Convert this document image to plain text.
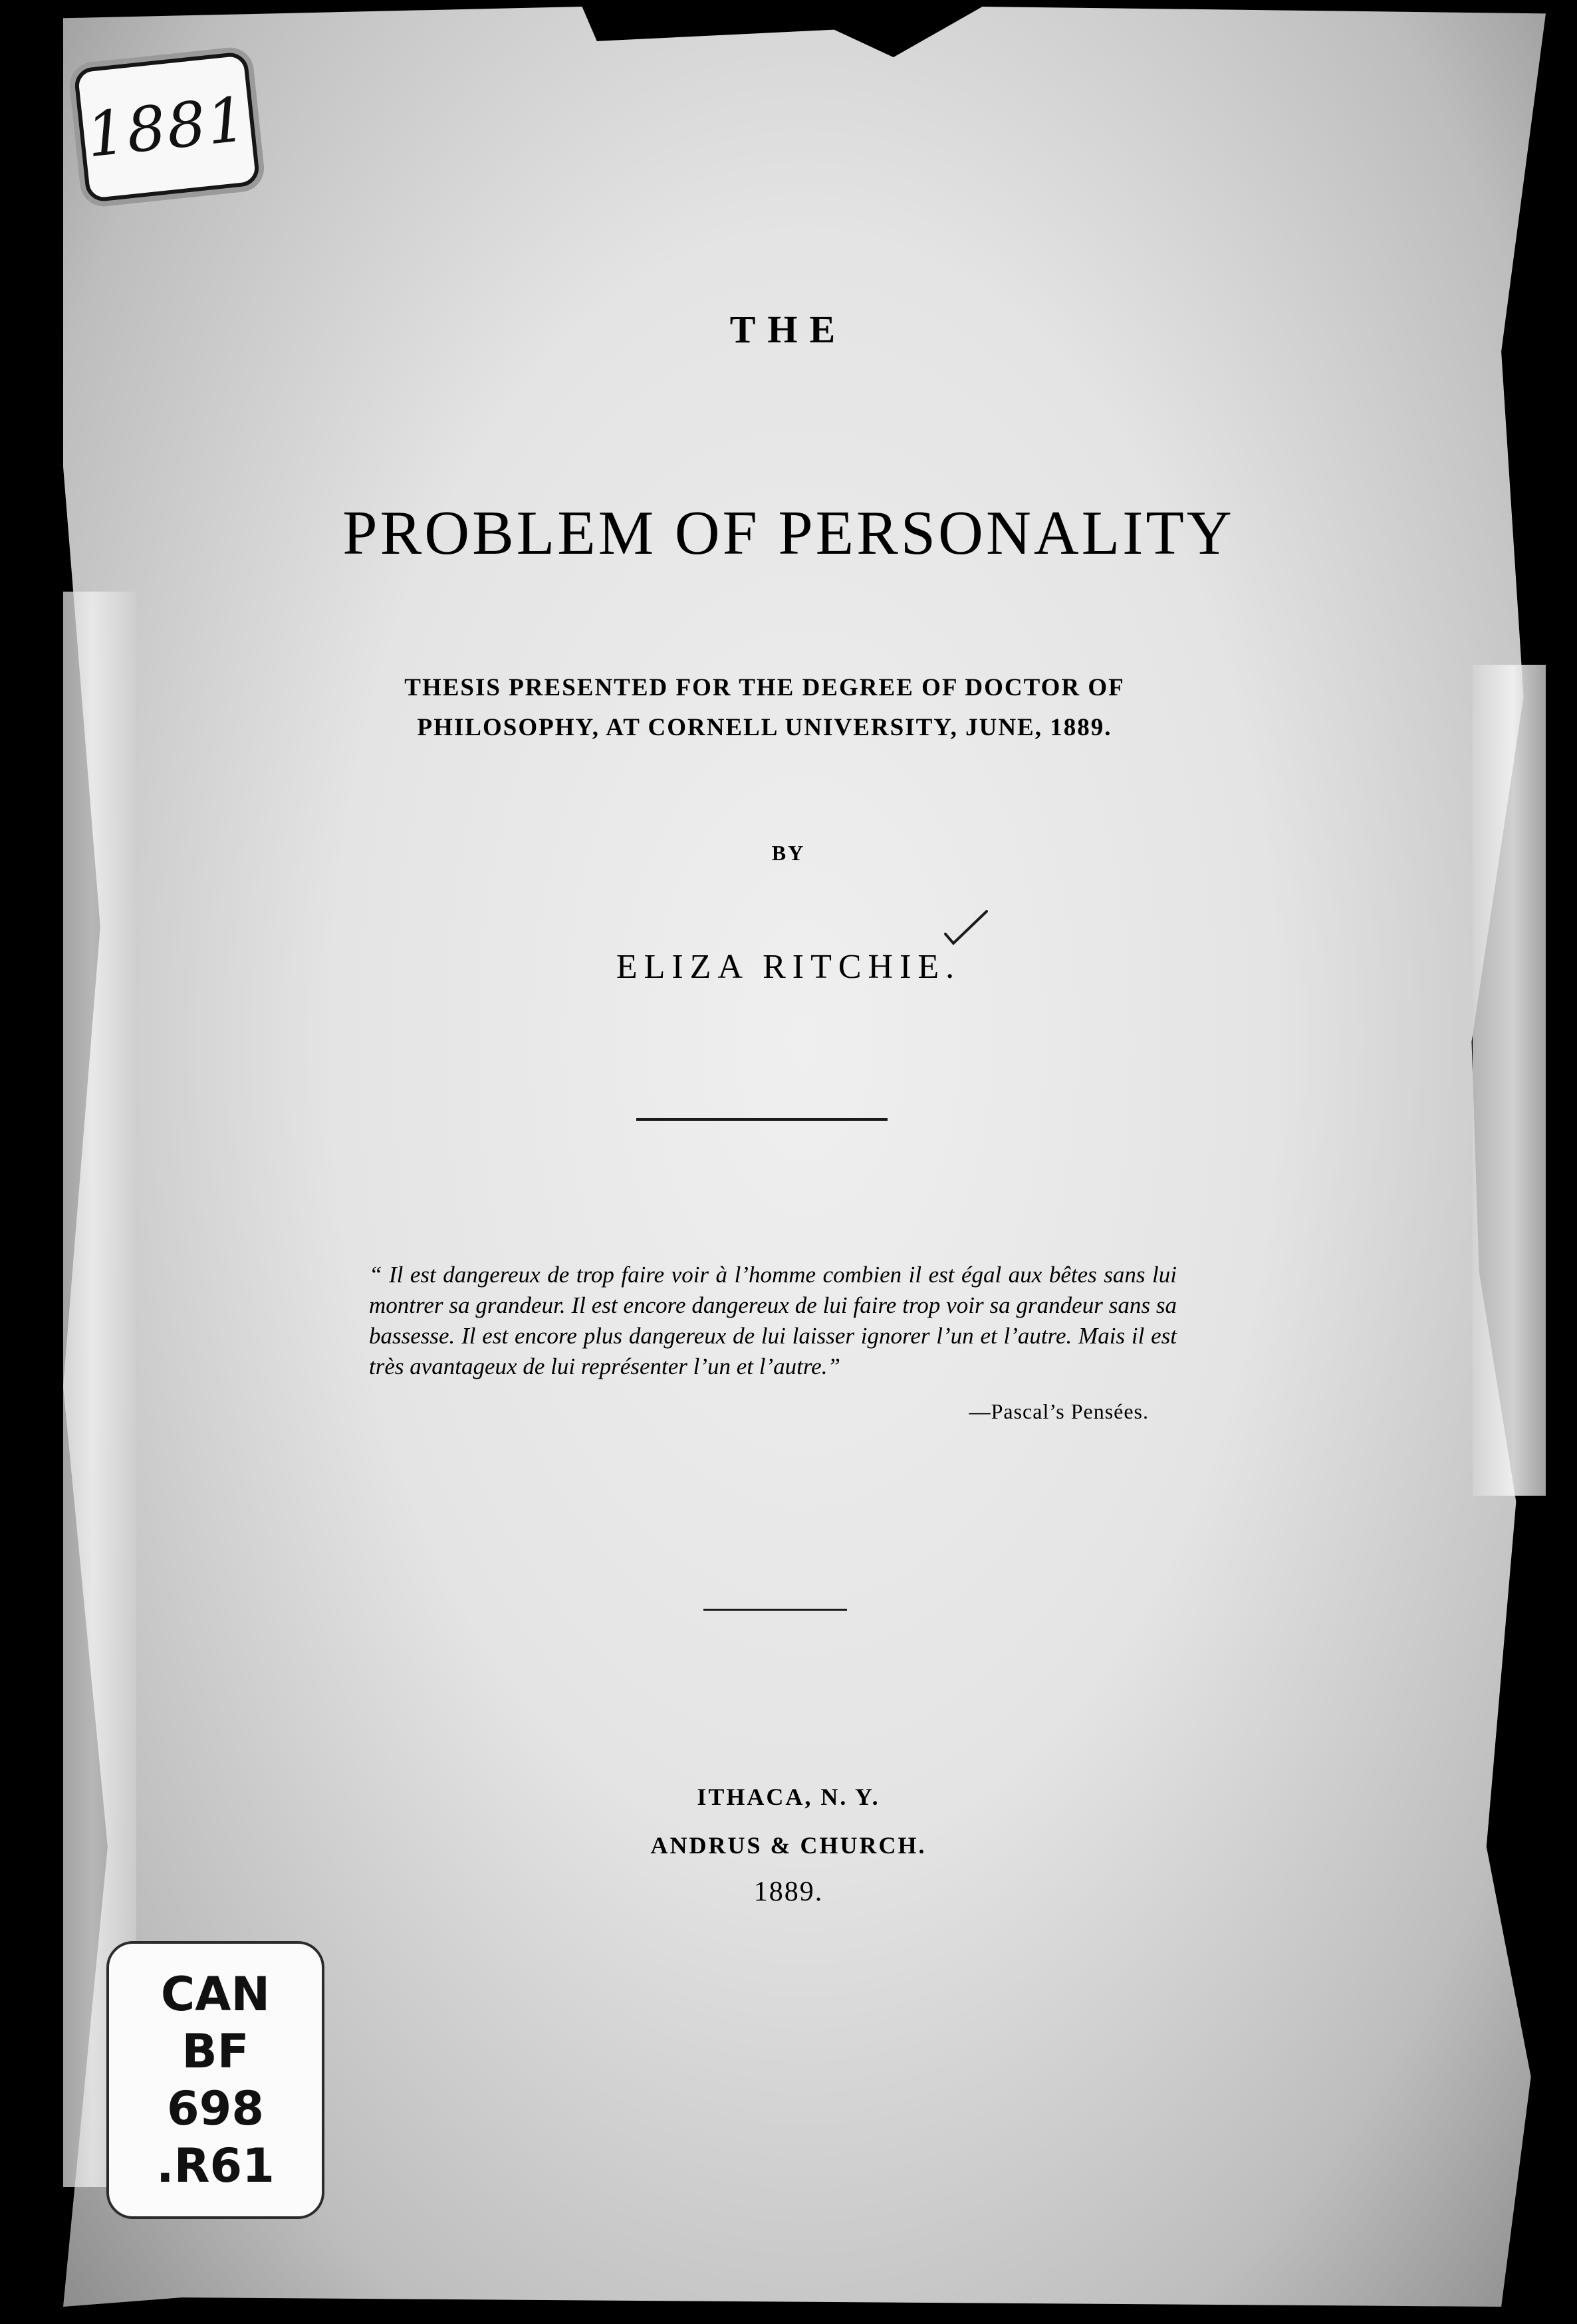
1881
THE
PROBLEM OF PERSONALITY
THESIS PRESENTED FOR THE DEGREE OF DOCTOR OF
PHILOSOPHY, AT CORNELL UNIVERSITY, JUNE, 1889.
BY
ELIZA RITCHIE.
“ Il est dangereux de trop faire voir à l’homme combien il est égal aux bêtes sans lui montrer sa grandeur. Il est encore dangereux de lui faire trop voir sa grandeur sans sa bassesse. Il est encore plus dangereux de lui laisser ignorer l’un et l’autre. Mais il est très avantageux de lui représenter l’un et l’autre.”
—Pascal’s Pensées.
ITHACA, N. Y.
ANDRUS & CHURCH.
1889.
CAN
BF
698
.R61
